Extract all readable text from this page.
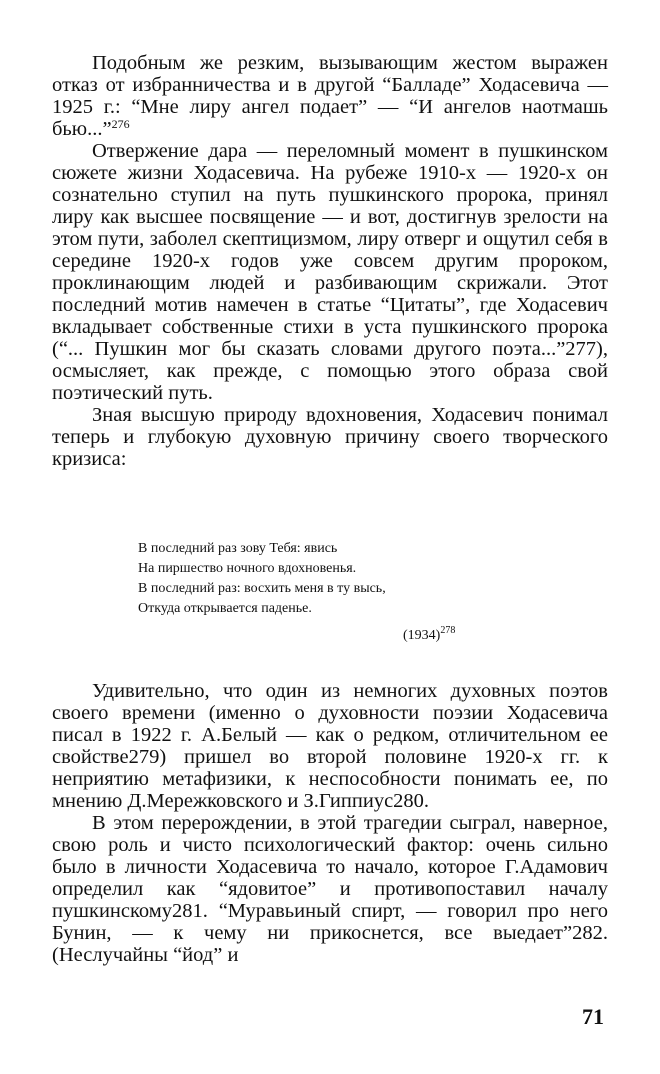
Подобным же резким, вызывающим жестом выражен отказ от избранничества и в другой “Балладе” Ходасевича — 1925 г.: “Мне лиру ангел подает” — “И ангелов наотмашь бью...”$^{276}$

Отвержение дара — переломный момент в пушкинском сюжете жизни Ходасевича. На рубеже 1910-х — 1920-х он сознательно ступил на путь пушкинского пророка, принял лиру как высшее посвящение — и вот, достигнув зрелости на этом пути, заболел скептицизмом, лиру отверг и ощутил себя в середине 1920-х годов уже совсем другим пророком, проклинающим людей и разбивающим скрижали. Этот последний мотив намечен в статье “Цитаты”, где Ходасевич вкладывает собственные стихи в уста пушкинского пророка (“... Пушкин мог бы сказать словами другого поэта...”277), осмысляет, как прежде, с помощью этого образа свой поэтический путь.

Зная высшую природу вдохновения, Ходасевич понимал теперь и глубокую духовную причину своего творческого кризиса:

В последний раз зову Тебя: явись
На пиршество ночного вдохновенья.
В последний раз: восхить меня в ту высь,
Откуда открывается паденье.
$(1934)^{278}$

Удивительно, что один из немногих духовных поэтов своего времени (именно о духовности поэзии Ходасевича писал в 1922 г. А.Белый — как о редком, отличительном ее свойстве279) пришел во второй половине 1920-х гг. к неприятию метафизики, к неспособности понимать ее, по мнению Д.Мережковского и З.Гиппиус280.

В этом перерождении, в этой трагедии сыграл, наверное, свою роль и чисто психологический фактор: очень сильно было в личности Ходасевича то начало, которое Г.Адамович определил как “ядовитое” и противопоставил началу пушкинскому281. “Муравьиный спирт, — говорил про него Бунин, — к чему ни прикоснется, все выедает”282. (Неслучайны “йод” и

71
